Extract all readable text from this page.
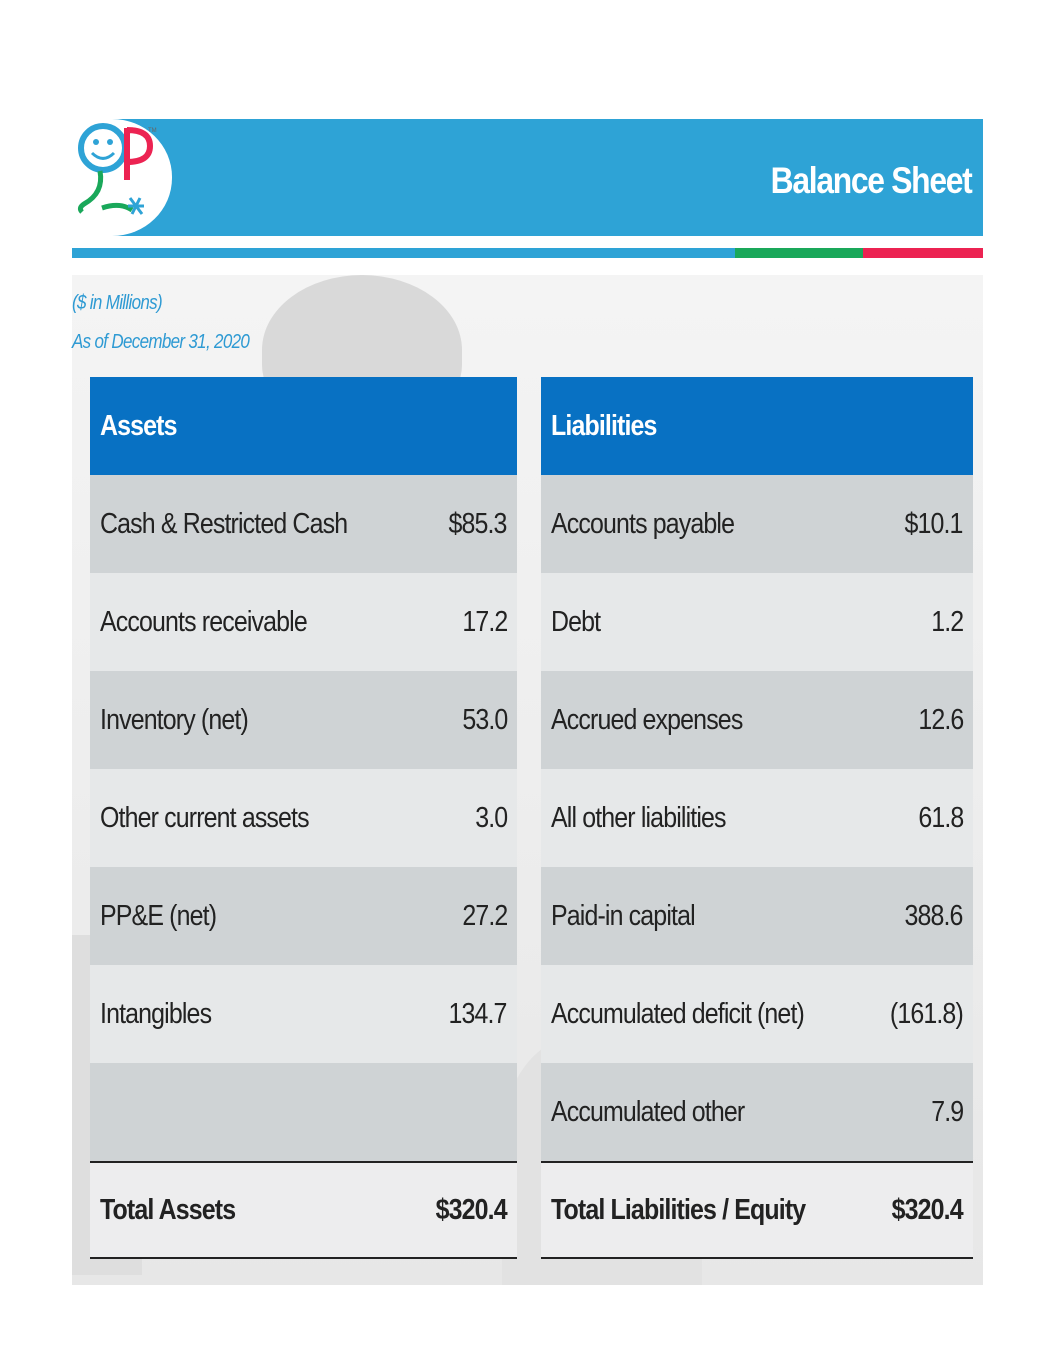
TM
Balance Sheet
($ in Millions)
As of December 31, 2020
Assets
Cash & Restricted Cash	$85.3
Accounts receivable	17.2
Inventory (net)	53.0
Other current assets	3.0
PP&E (net)	27.2
Intangibles	134.7
Total Assets	$320.4
Liabilities
Accounts payable	$10.1
Debt	1.2
Accrued expenses	12.6
All other liabilities	61.8
Paid-in capital	388.6
Accumulated deficit (net)	(161.8)
Accumulated other	7.9
Total Liabilities / Equity	$320.4
